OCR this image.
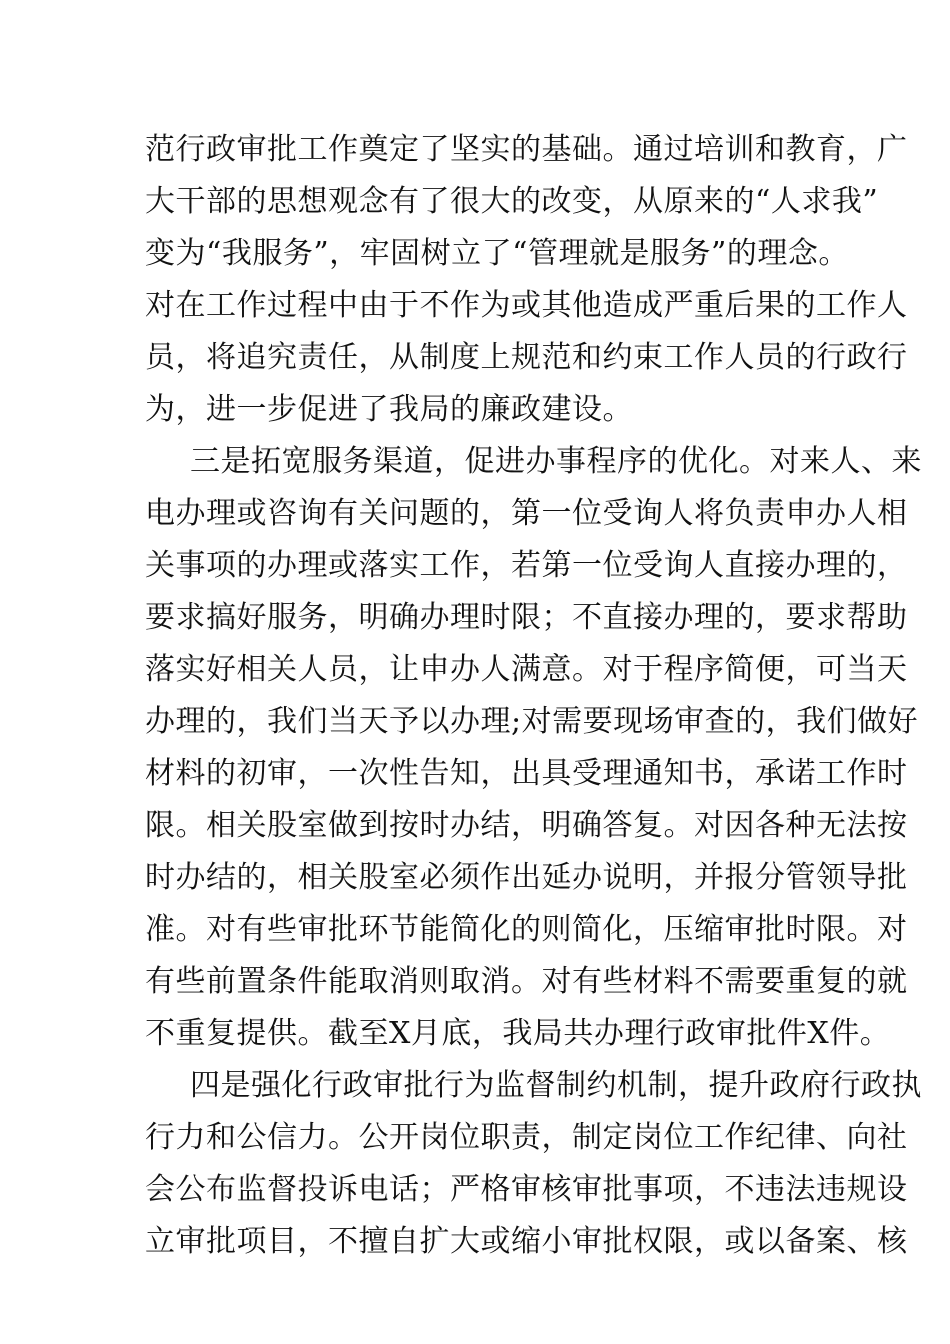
范行政审批工作奠定了坚实的基础。通过培训和教育，广
大干部的思想观念有了很大的改变，从原来的“人求我”
变为“我服务”，牢固树立了“管理就是服务”的理念。
对在工作过程中由于不作为或其他造成严重后果的工作人
员，将追究责任，从制度上规范和约束工作人员的行政行
为，进一步促进了我局的廉政建设。
三是拓宽服务渠道，促进办事程序的优化。对来人、来
电办理或咨询有关问题的，第一位受询人将负责申办人相
关事项的办理或落实工作，若第一位受询人直接办理的，
要求搞好服务，明确办理时限；不直接办理的，要求帮助
落实好相关人员，让申办人满意。对于程序简便，可当天
办理的，我们当天予以办理;对需要现场审查的，我们做好
材料的初审，一次性告知，出具受理通知书，承诺工作时
限。相关股室做到按时办结，明确答复。对因各种无法按
时办结的，相关股室必须作出延办说明，并报分管领导批
准。对有些审批环节能简化的则简化，压缩审批时限。对
有些前置条件能取消则取消。对有些材料不需要重复的就
不重复提供。截至X月底，我局共办理行政审批件X件。
四是强化行政审批行为监督制约机制，提升政府行政执
行力和公信力。公开岗位职责，制定岗位工作纪律、向社
会公布监督投诉电话；严格审核审批事项，不违法违规设
立审批项目，不擅自扩大或缩小审批权限，或以备案、核
